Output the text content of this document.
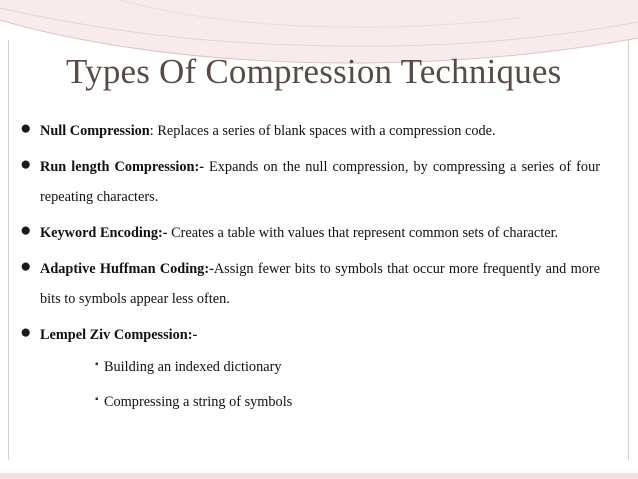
Types Of Compression Techniques
● Null Compression: Replaces a series of blank spaces with a compression code.
● Run length Compression:- Expands on the null compression, by compressing a series of four repeating characters.
● Keyword Encoding:- Creates a table with values that represent common sets of character.
● Adaptive Huffman Coding:-Assign fewer bits to symbols that occur more frequently and more bits to symbols appear less often.
● Lempel Ziv Compession:-
▪ Building an indexed dictionary
▪ Compressing a string of symbols
